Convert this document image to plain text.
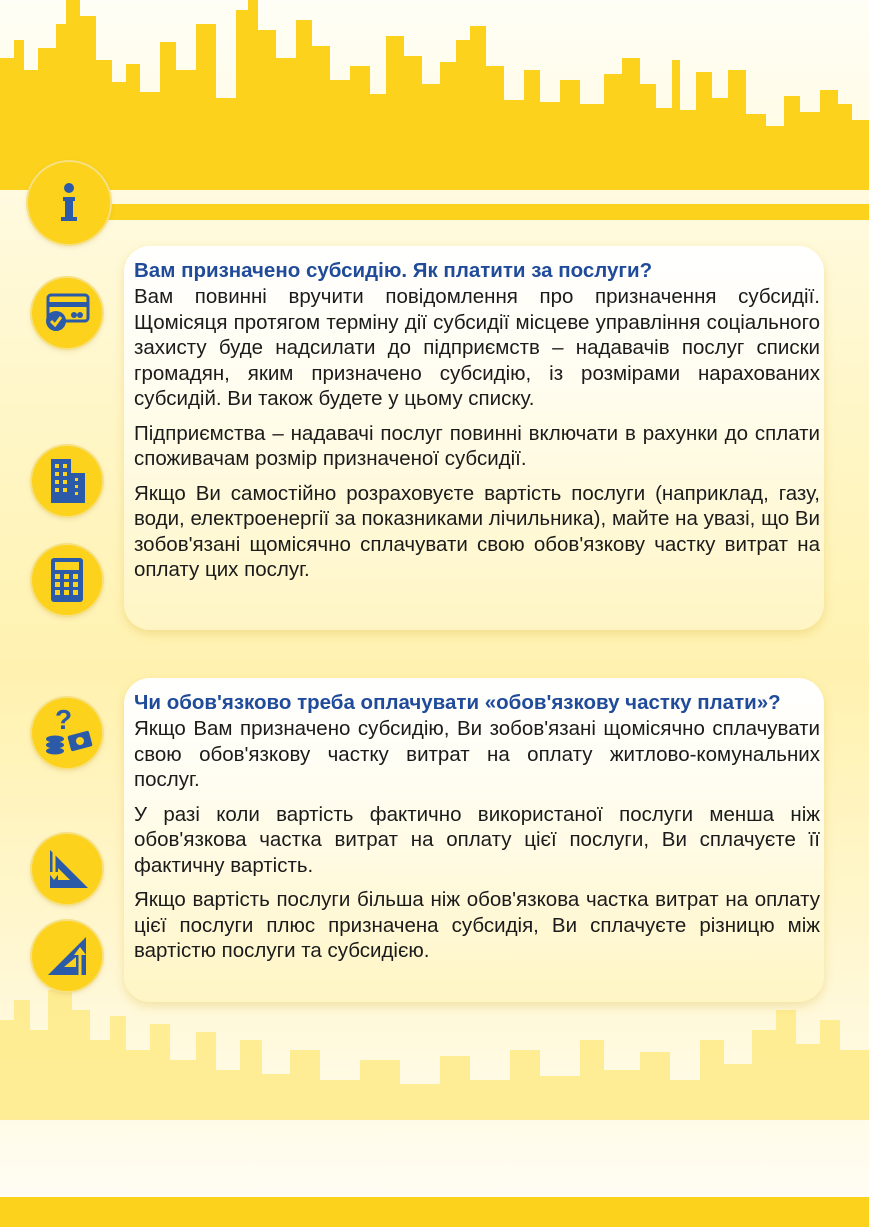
?

Вам призначено субсидію. Як платити за послуги?

Вам повинні вручити повідомлення про призначення субсидії. Щомісяця протягом терміну дії субсидії місцеве управління соціального захисту буде надсилати до підприємств – надавачів послуг списки громадян, яким призначено субсидію, із розмірами нарахованих субсидій. Ви також будете у цьому списку.

Підприємства – надавачі послуг повинні включати в рахунки до сплати споживачам розмір призначеної субсидії.

Якщо Ви самостійно розраховуєте вартість послуги (наприклад, газу, води, електроенергії за показниками лічильника), майте на увазі, що Ви зобов'язані щомісячно сплачувати свою обов'язкову частку витрат на оплату цих послуг.

Чи обов'язково треба оплачувати «обов'язкову частку плати»?

Якщо Вам призначено субсидію, Ви зобов'язані щомісячно сплачувати свою обов'язкову частку витрат на оплату житлово-комунальних послуг.

У разі коли вартість фактично використаної послуги менша ніж обов'язкова частка витрат на оплату цієї послуги, Ви сплачуєте її фактичну вартість.

Якщо вартість послуги більша ніж обов'язкова частка витрат на оплату цієї послуги плюс призначена субсидія, Ви сплачуєте різницю між вартістю послуги та субсидією.
